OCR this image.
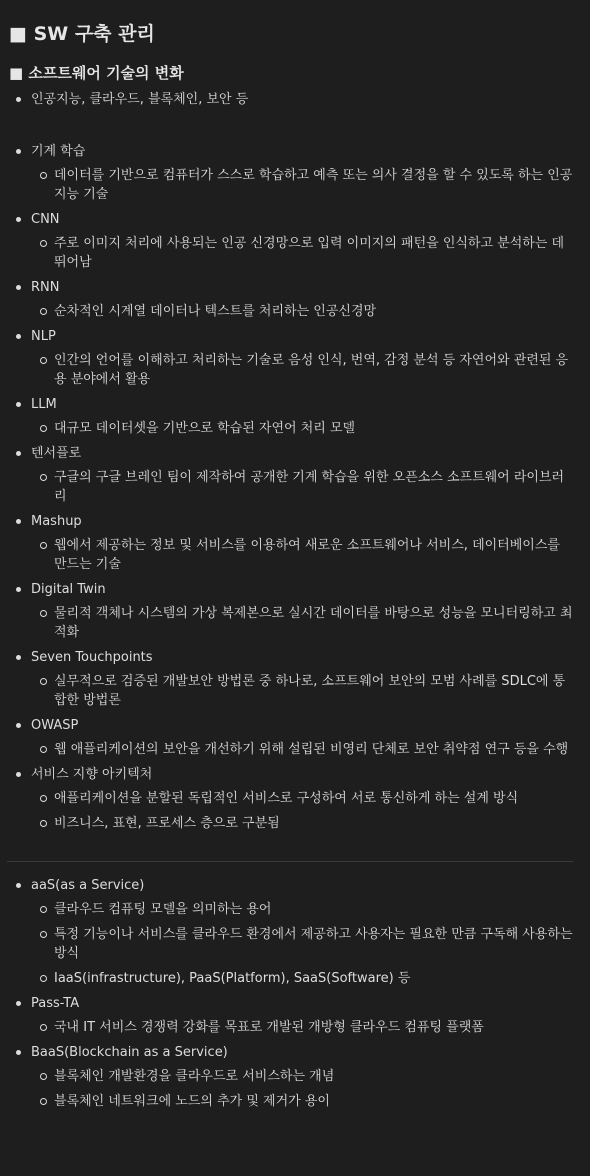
■ SW 구축 관리
■ 소프트웨어 기술의 변화
인공지능, 클라우드, 블록체인, 보안 등
기계 학습
데이터를 기반으로 컴퓨터가 스스로 학습하고 예측 또는 의사 결정을 할 수 있도록 하는 인공지능 기술
CNN
주로 이미지 처리에 사용되는 인공 신경망으로 입력 이미지의 패턴을 인식하고 분석하는 데 뛰어남
RNN
순차적인 시계열 데이터나 텍스트를 처리하는 인공신경망
NLP
인간의 언어를 이해하고 처리하는 기술로 음성 인식, 번역, 감정 분석 등 자연어와 관련된 응용 분야에서 활용
LLM
대규모 데이터셋을 기반으로 학습된 자연어 처리 모델
텐서플로
구글의 구글 브레인 팀이 제작하여 공개한 기계 학습을 위한 오픈소스 소프트웨어 라이브러리
Mashup
웹에서 제공하는 정보 및 서비스를 이용하여 새로운 소프트웨어나 서비스, 데이터베이스를 만드는 기술
Digital Twin
물리적 객체나 시스템의 가상 복제본으로 실시간 데이터를 바탕으로 성능을 모니터링하고 최적화
Seven Touchpoints
실무적으로 검증된 개발보안 방법론 중 하나로, 소프트웨어 보안의 모범 사례를 SDLC에 통합한 방법론
OWASP
웹 애플리케이션의 보안을 개선하기 위해 설립된 비영리 단체로 보안 취약점 연구 등을 수행
서비스 지향 아키텍처
애플리케이션을 분할된 독립적인 서비스로 구성하여 서로 통신하게 하는 설계 방식
비즈니스, 표현, 프로세스 층으로 구분됨
aaS(as a Service)
클라우드 컴퓨팅 모델을 의미하는 용어
특정 기능이나 서비스를 클라우드 환경에서 제공하고 사용자는 필요한 만큼 구독해 사용하는 방식
IaaS(infrastructure), PaaS(Platform), SaaS(Software) 등
Pass-TA
국내 IT 서비스 경쟁력 강화를 목표로 개발된 개방형 클라우드 컴퓨팅 플랫폼
BaaS(Blockchain as a Service)
블록체인 개발환경을 클라우드로 서비스하는 개념
블록체인 네트워크에 노드의 추가 및 제거가 용이
